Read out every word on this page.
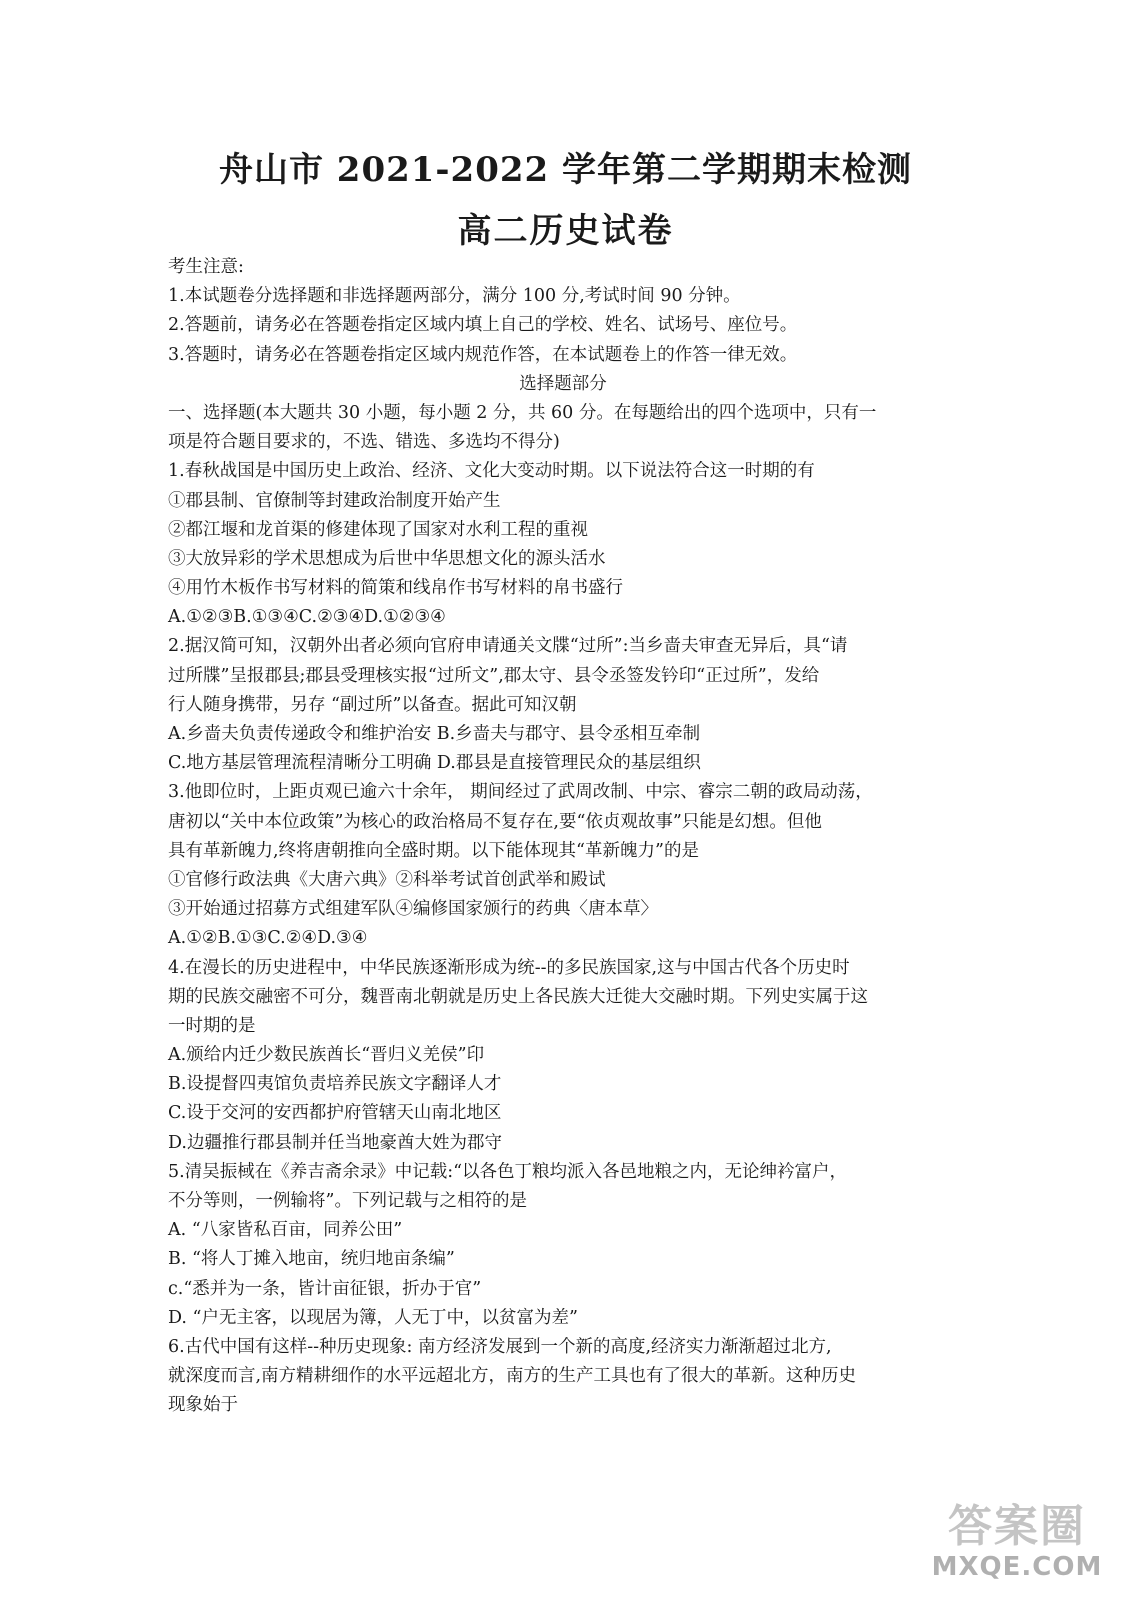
舟山市 2021-2022 学年第二学期期末检测
高二历史试卷
考生注意:
1.本试题卷分选择题和非选择题两部分，满分 100 分,考试时间 90 分钟。
2.答题前，请务必在答题卷指定区域内填上自己的学校、姓名、试场号、座位号。
3.答题时，请务必在答题卷指定区域内规范作答，在本试题卷上的作答一律无效。
选择题部分
一、选择题(本大题共 30 小题，每小题 2 分，共 60 分。在每题给出的四个选项中，只有一
项是符合题目要求的，不选、错选、多选均不得分)
1.春秋战国是中国历史上政治、经济、文化大变动时期。以下说法符合这一时期的有
①郡县制、官僚制等封建政治制度开始产生
②都江堰和龙首渠的修建体现了国家对水利工程的重视
③大放异彩的学术思想成为后世中华思想文化的源头活水
④用竹木板作书写材料的简策和线帛作书写材料的帛书盛行
A.①②③B.①③④C.②③④D.①②③④
2.据汉简可知，汉朝外出者必须向官府申请通关文牒“过所”:当乡啬夫审查无异后，具“请
过所牒”呈报郡县;郡县受理核实报“过所文”,郡太守、县令丞签发钤印“正过所”，发给
行人随身携带，另存 “副过所”以备查。据此可知汉朝
A.乡啬夫负责传递政令和维护治安 B.乡啬夫与郡守、县令丞相互牵制
C.地方基层管理流程清晰分工明确 D.郡县是直接管理民众的基层组织
3.他即位时，上距贞观已逾六十余年， 期间经过了武周改制、中宗、睿宗二朝的政局动荡，
唐初以“关中本位政策”为核心的政治格局不复存在,要“依贞观故事”只能是幻想。但他
具有革新魄力,终将唐朝推向全盛时期。以下能体现其“革新魄力”的是
①官修行政法典《大唐六典》②科举考试首创武举和殿试
③开始通过招募方式组建军队④编修国家颁行的药典〈唐本草〉
A.①②B.①③C.②④D.③④
4.在漫长的历史进程中，中华民族逐渐形成为统--的多民族国家,这与中国古代各个历史时
期的民族交融密不可分，魏晋南北朝就是历史上各民族大迁徙大交融时期。下列史实属于这
一时期的是
A.颁给内迁少数民族酋长“晋归义羌侯”印
B.设提督四夷馆负责培养民族文字翻译人才
C.设于交河的安西都护府管辖天山南北地区
D.边疆推行郡县制并任当地豪酋大姓为郡守
5.清吴振棫在《养吉斋余录》中记载:“以各色丁粮均派入各邑地粮之内，无论绅衿富户，
不分等则，一例输将”。下列记载与之相符的是
A. “八家皆私百亩，同养公田”
B. “将人丁摊入地亩，统归地亩条编”
c.“悉并为一条，皆计亩征银，折办于官”
D. “户无主客，以现居为簿，人无丁中，以贫富为差”
6.古代中国有这样--种历史现象: 南方经济发展到一个新的高度,经济实力渐渐超过北方,
就深度而言,南方精耕细作的水平远超北方，南方的生产工具也有了很大的革新。这种历史
现象始于
答案圈
MXQE.COM
